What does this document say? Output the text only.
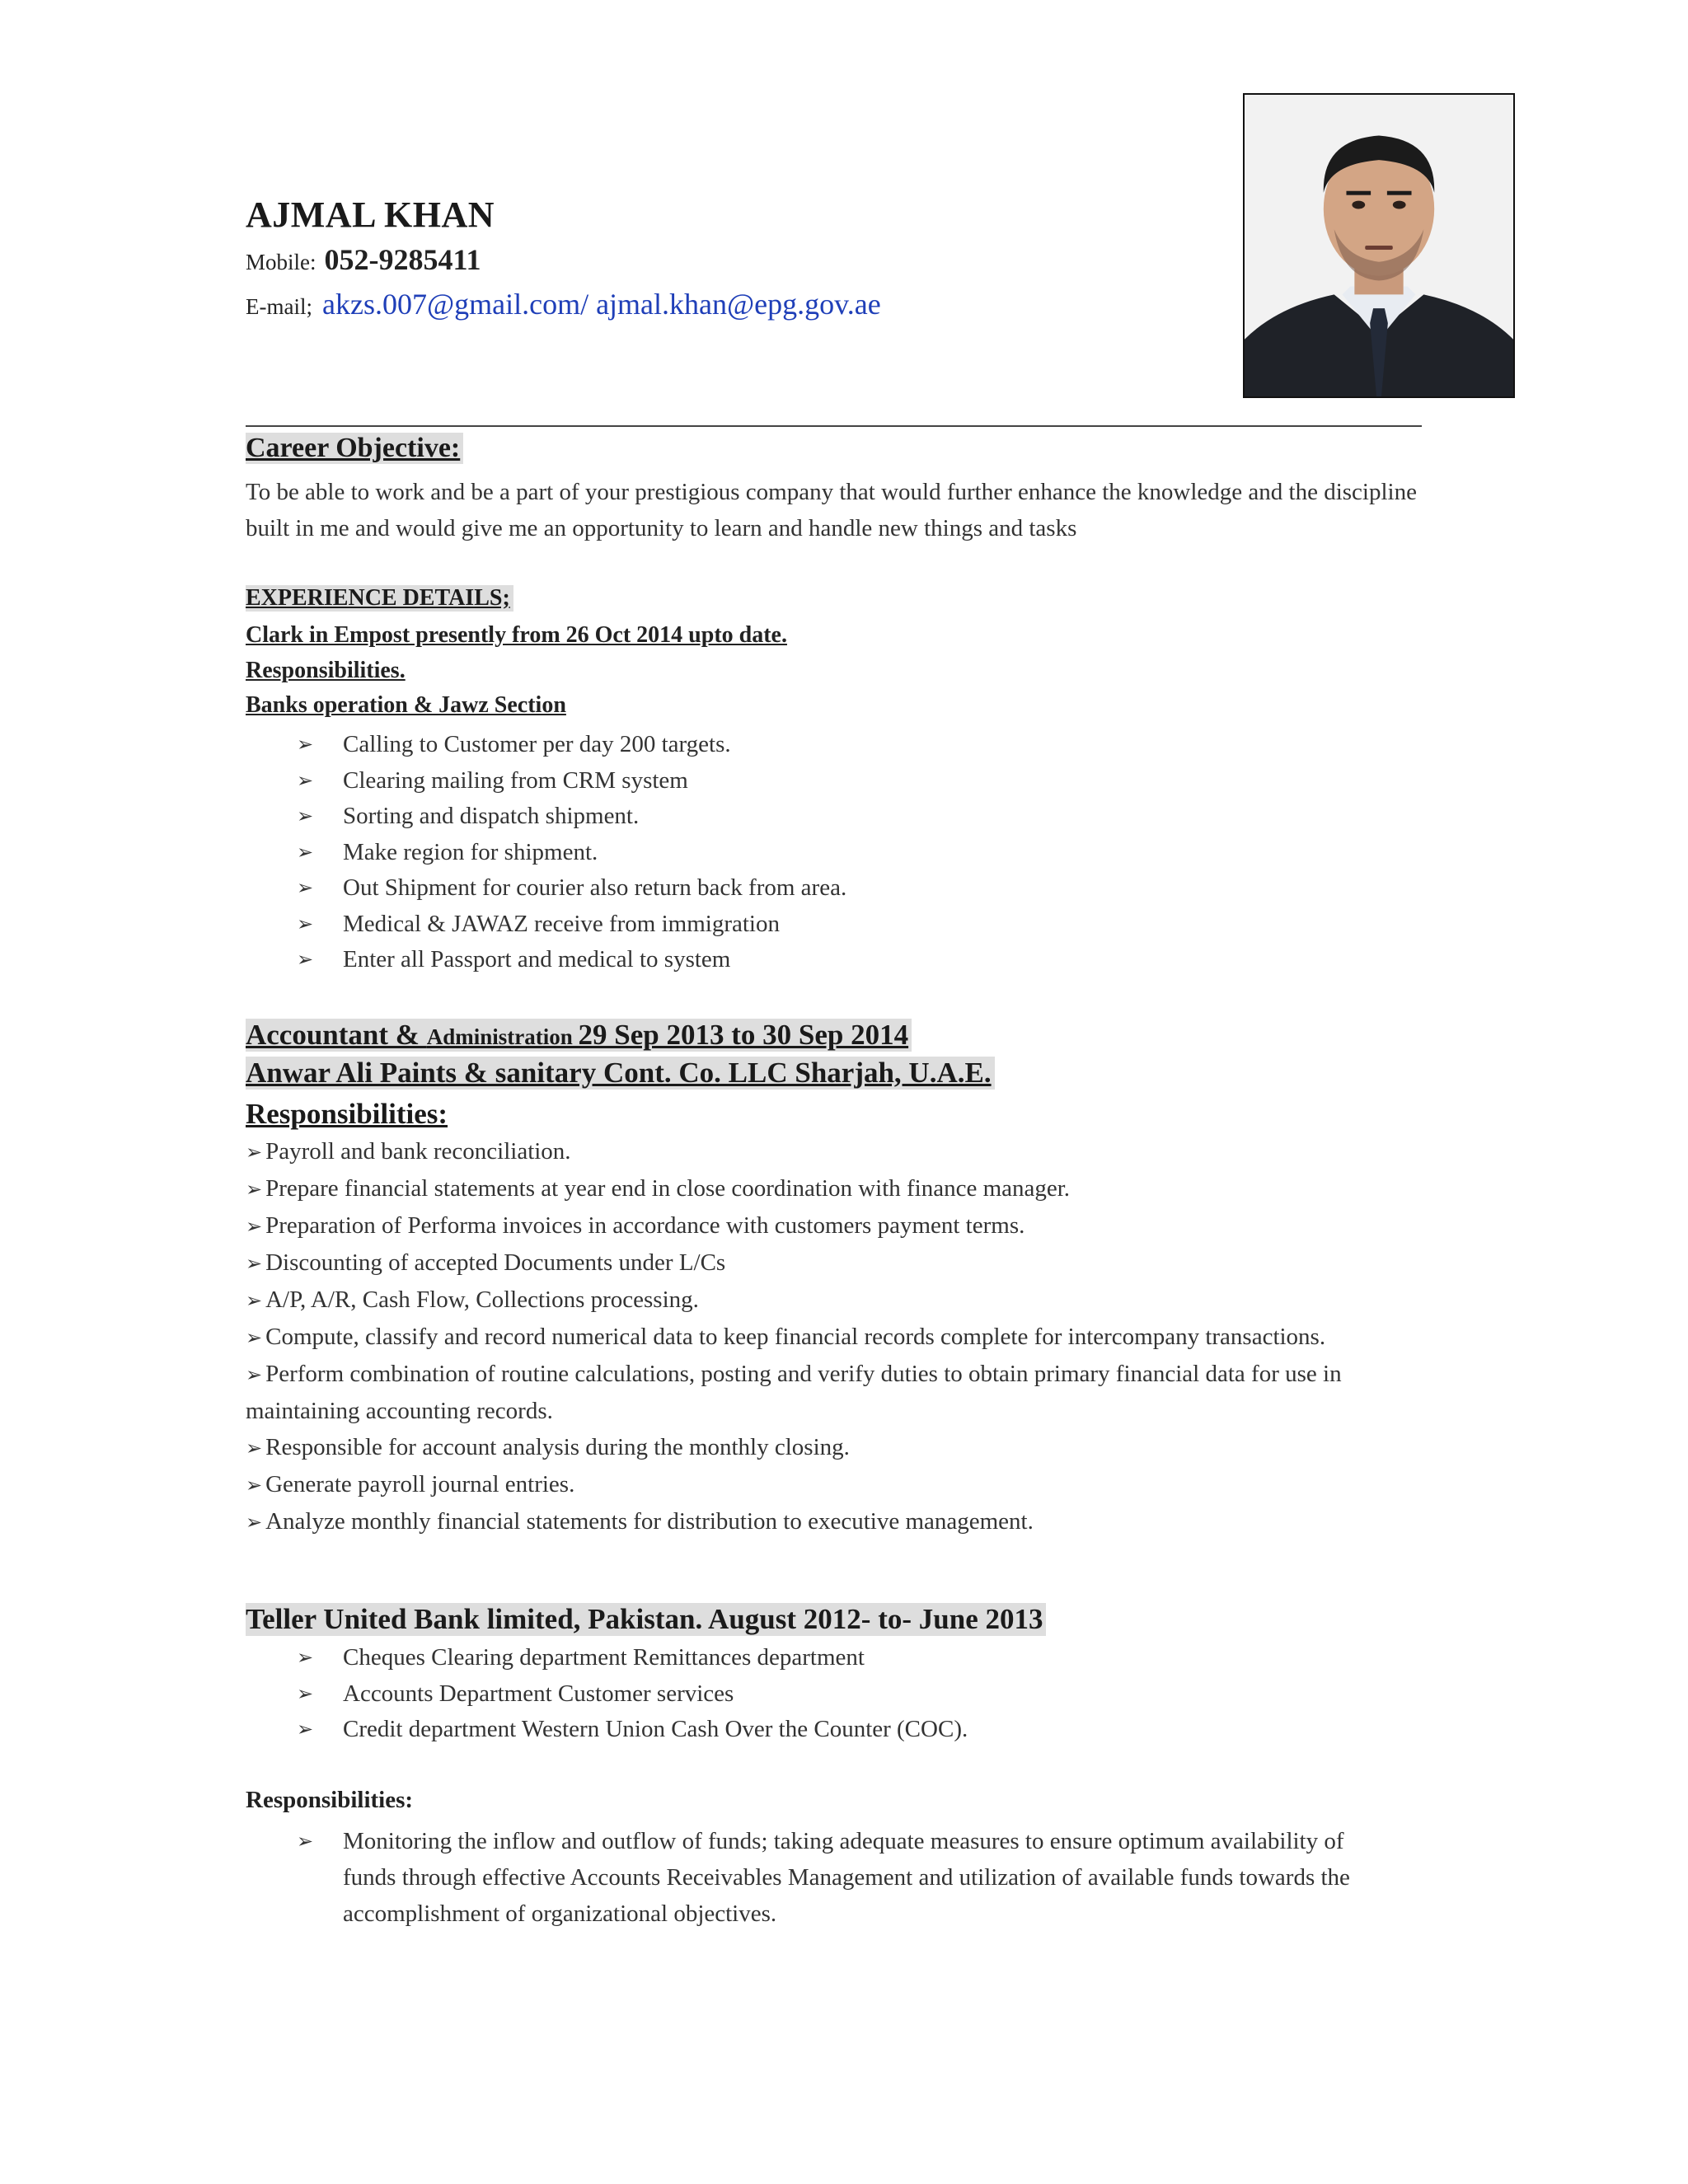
AJMAL KHAN
Mobile: 052-9285411
E-mail; akzs.007@gmail.com/ ajmal.khan@epg.gov.ae
Career Objective:
To be able to work and be a part of your prestigious company that would further enhance the knowledge and the discipline built in me and would give me an opportunity to learn and handle new things and tasks
EXPERIENCE DETAILS;
Clark in Empost presently from 26 Oct 2014 upto date.
Responsibilities.
Banks operation & Jawz Section
➢ Calling to Customer per day 200 targets.
➢ Clearing mailing from CRM system
➢ Sorting and dispatch shipment.
➢ Make region for shipment.
➢ Out Shipment for courier also return back from area.
➢ Medical & JAWAZ receive from immigration
➢ Enter all Passport and medical to system
Accountant & Administration 29 Sep 2013 to 30 Sep 2014
Anwar Ali Paints & sanitary Cont. Co. LLC Sharjah, U.A.E.
Responsibilities:
➢ Payroll and bank reconciliation.
➢ Prepare financial statements at year end in close coordination with finance manager.
➢ Preparation of Performa invoices in accordance with customers payment terms.
➢ Discounting of accepted Documents under L/Cs
➢ A/P, A/R, Cash Flow, Collections processing.
➢ Compute, classify and record numerical data to keep financial records complete for intercompany transactions.
➢ Perform combination of routine calculations, posting and verify duties to obtain primary financial data for use in maintaining accounting records.
➢ Responsible for account analysis during the monthly closing.
➢ Generate payroll journal entries.
➢ Analyze monthly financial statements for distribution to executive management.
Teller United Bank limited, Pakistan. August 2012- to- June 2013
➢ Cheques Clearing department Remittances department
➢ Accounts Department Customer services
➢ Credit department Western Union Cash Over the Counter (COC).
Responsibilities:
➢	Monitoring the inflow and outflow of funds; taking adequate measures to ensure optimum availability of funds through effective Accounts Receivables Management and utilization of available funds towards the accomplishment of organizational objectives.
